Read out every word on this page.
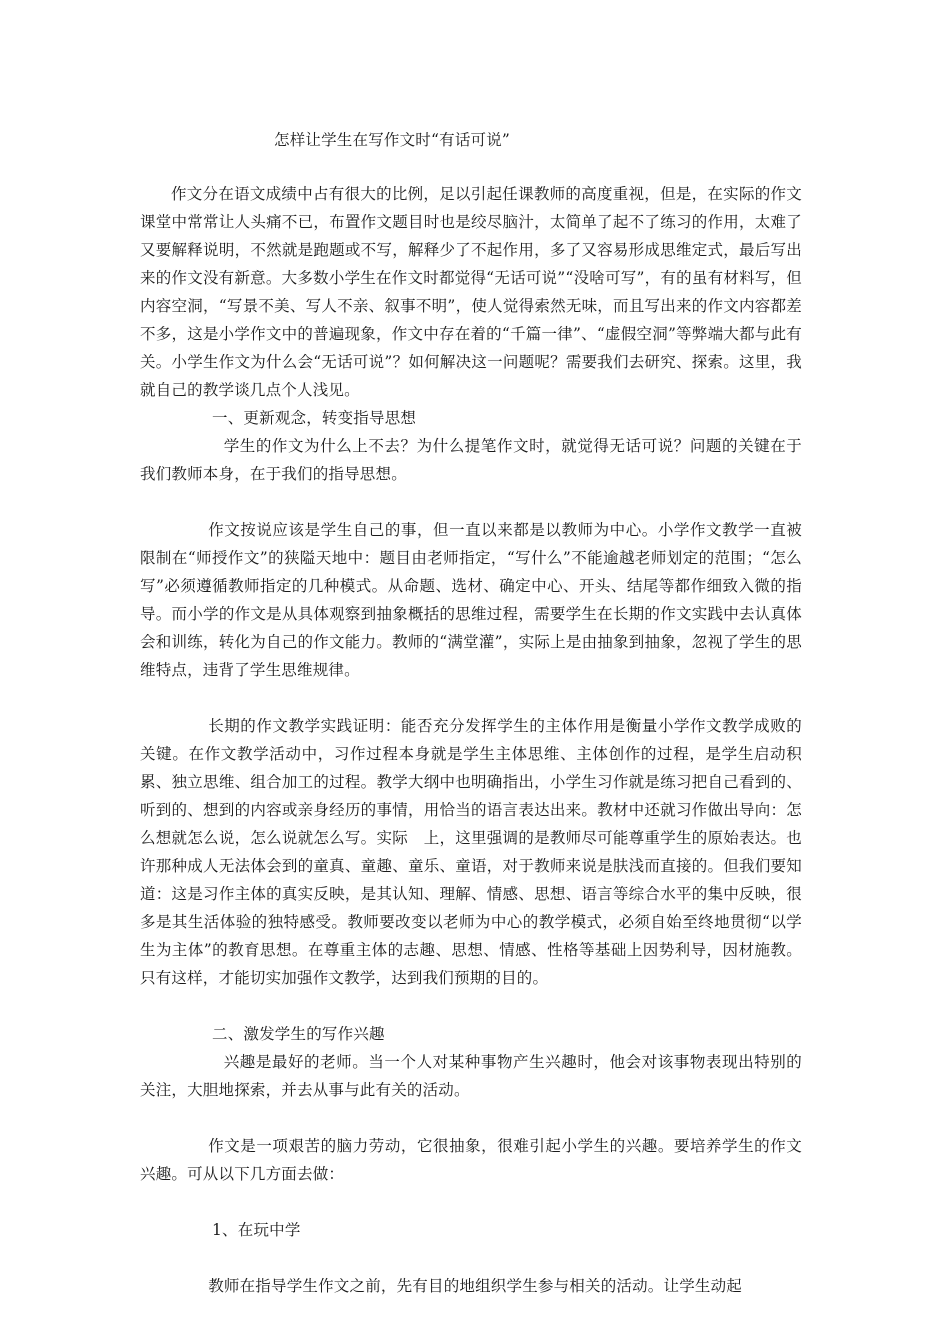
怎样让学生在写作文时“有话可说”

作文分在语文成绩中占有很大的比例，足以引起任课教师的高度重视，但是，在实际的作文课堂中常常让人头痛不已，布置作文题目时也是绞尽脑汁，太简单了起不了练习的作用，太难了又要解释说明，不然就是跑题或不写，解释少了不起作用，多了又容易形成思维定式，最后写出来的作文没有新意。大多数小学生在作文时都觉得“无话可说”“没啥可写”，有的虽有材料写，但内容空洞，“写景不美、写人不亲、叙事不明”，使人觉得索然无味，而且写出来的作文内容都差不多，这是小学作文中的普遍现象，作文中存在着的“千篇一律”、“虚假空洞”等弊端大都与此有关。小学生作文为什么会“无话可说”？如何解决这一问题呢？需要我们去研究、探索。这里，我就自己的教学谈几点个人浅见。

一、更新观念，转变指导思想

学生的作文为什么上不去？为什么提笔作文时，就觉得无话可说？问题的关键在于我们教师本身，在于我们的指导思想。

作文按说应该是学生自己的事，但一直以来都是以教师为中心。小学作文教学一直被限制在“师授作文”的狭隘天地中：题目由老师指定，“写什么”不能逾越老师划定的范围；“怎么写”必须遵循教师指定的几种模式。从命题、选材、确定中心、开头、结尾等都作细致入微的指导。而小学的作文是从具体观察到抽象概括的思维过程，需要学生在长期的作文实践中去认真体会和训练，转化为自己的作文能力。教师的“满堂灌”，实际上是由抽象到抽象，忽视了学生的思维特点，违背了学生思维规律。

长期的作文教学实践证明：能否充分发挥学生的主体作用是衡量小学作文教学成败的关键。在作文教学活动中，习作过程本身就是学生主体思维、主体创作的过程，是学生启动积累、独立思维、组合加工的过程。教学大纲中也明确指出，小学生习作就是练习把自己看到的、听到的、想到的内容或亲身经历的事情，用恰当的语言表达出来。教材中还就习作做出导向：怎么想就怎么说，怎么说就怎么写。实际　上，这里强调的是教师尽可能尊重学生的原始表达。也许那种成人无法体会到的童真、童趣、童乐、童语，对于教师来说是肤浅而直接的。但我们要知道：这是习作主体的真实反映，是其认知、理解、情感、思想、语言等综合水平的集中反映，很多是其生活体验的独特感受。教师要改变以老师为中心的教学模式，必须自始至终地贯彻“以学生为主体”的教育思想。在尊重主体的志趣、思想、情感、性格等基础上因势利导，因材施教。只有这样，才能切实加强作文教学，达到我们预期的目的。

二、激发学生的写作兴趣

兴趣是最好的老师。当一个人对某种事物产生兴趣时，他会对该事物表现出特别的关注，大胆地探索，并去从事与此有关的活动。

作文是一项艰苦的脑力劳动，它很抽象，很难引起小学生的兴趣。要培养学生的作文兴趣。可从以下几方面去做：

1、在玩中学

教师在指导学生作文之前，先有目的地组织学生参与相关的活动。让学生动起
